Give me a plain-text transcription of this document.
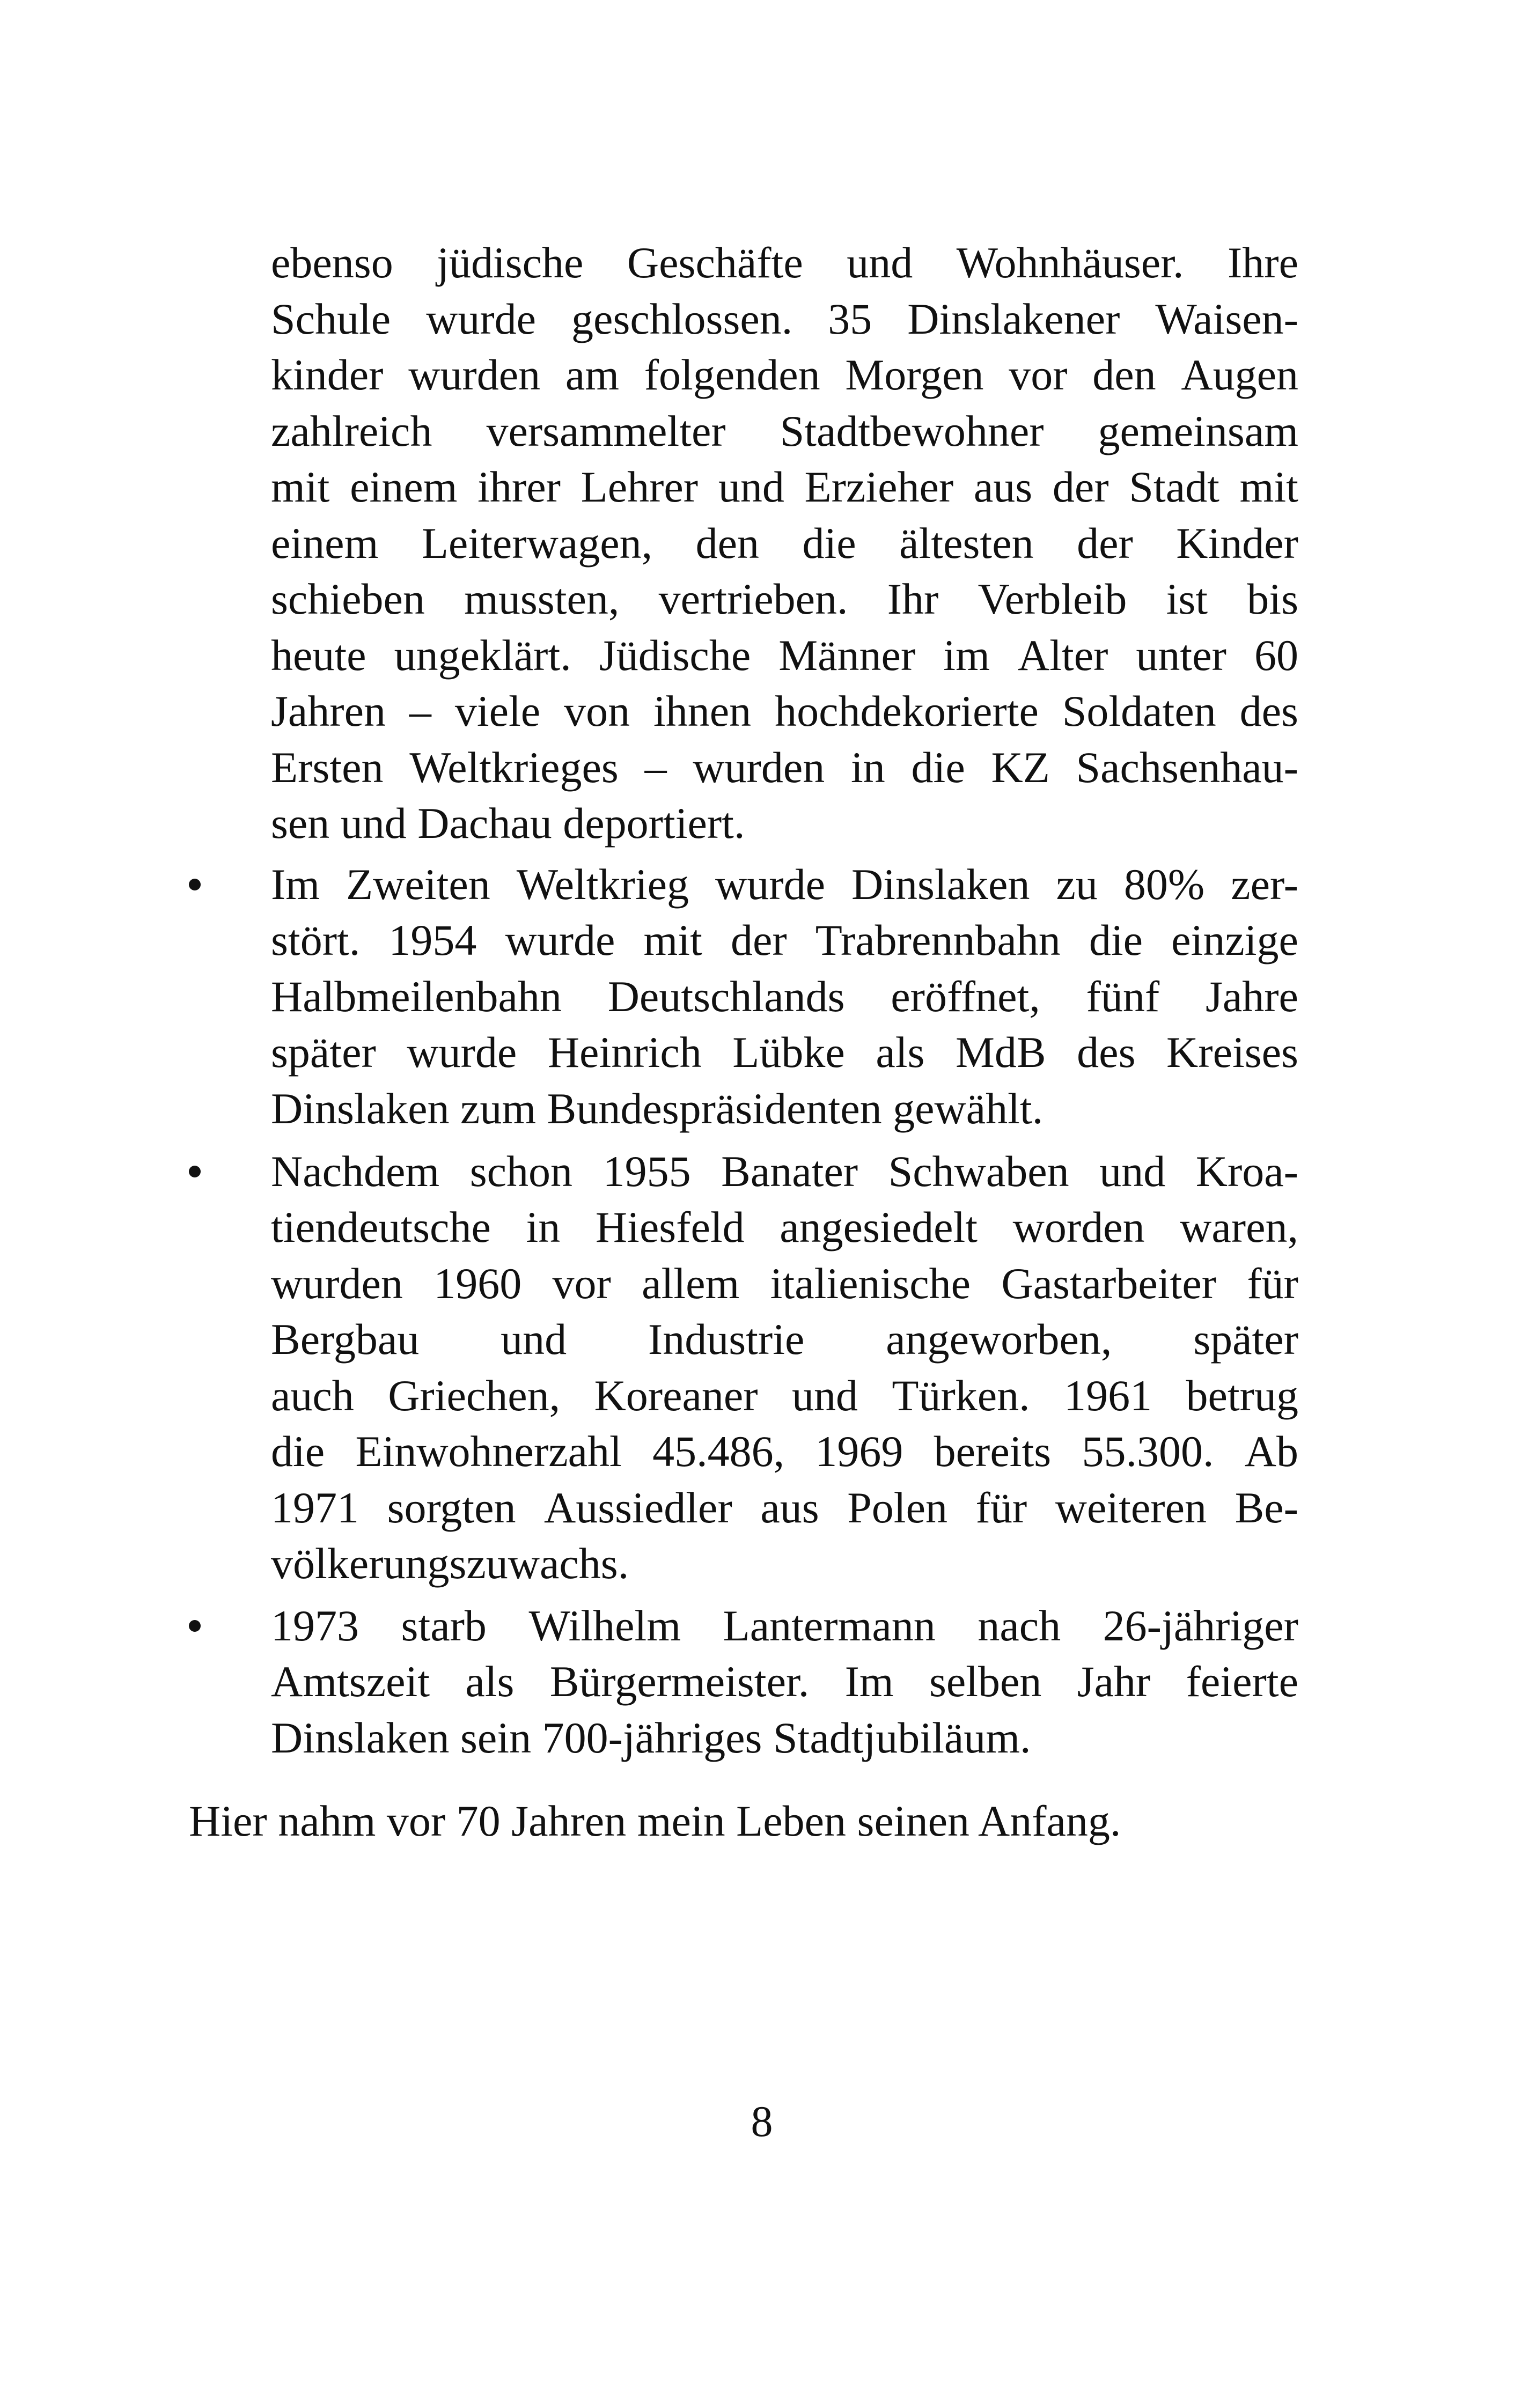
ebenso jüdische Geschäfte und Wohnhäuser. Ihre
Schule wurde geschlossen. 35 Dinslakener Waisen-
kinder wurden am folgenden Morgen vor den Augen
zahlreich versammelter Stadtbewohner gemeinsam
mit einem ihrer Lehrer und Erzieher aus der Stadt mit
einem Leiterwagen, den die ältesten der Kinder
schieben mussten, vertrieben. Ihr Verbleib ist bis
heute ungeklärt. Jüdische Männer im Alter unter 60
Jahren – viele von ihnen hochdekorierte Soldaten des
Ersten Weltkrieges – wurden in die KZ Sachsenhau-
sen und Dachau deportiert.
Im Zweiten Weltkrieg wurde Dinslaken zu 80% zer-
stört. 1954 wurde mit der Trabrennbahn die einzige
Halbmeilenbahn Deutschlands eröffnet, fünf Jahre
später wurde Heinrich Lübke als MdB des Kreises
Dinslaken zum Bundespräsidenten gewählt.
Nachdem schon 1955 Banater Schwaben und Kroa-
tiendeutsche in Hiesfeld angesiedelt worden waren,
wurden 1960 vor allem italienische Gastarbeiter für
Bergbau und Industrie angeworben, später
auch Griechen, Koreaner und Türken. 1961 betrug
die Einwohnerzahl 45.486, 1969 bereits 55.300. Ab
1971 sorgten Aussiedler aus Polen für weiteren Be-
völkerungszuwachs.
1973 starb Wilhelm Lantermann nach 26-jähriger
Amtszeit als Bürgermeister. Im selben Jahr feierte
Dinslaken sein 700-jähriges Stadtjubiläum.
Hier nahm vor 70 Jahren mein Leben seinen Anfang.
8
